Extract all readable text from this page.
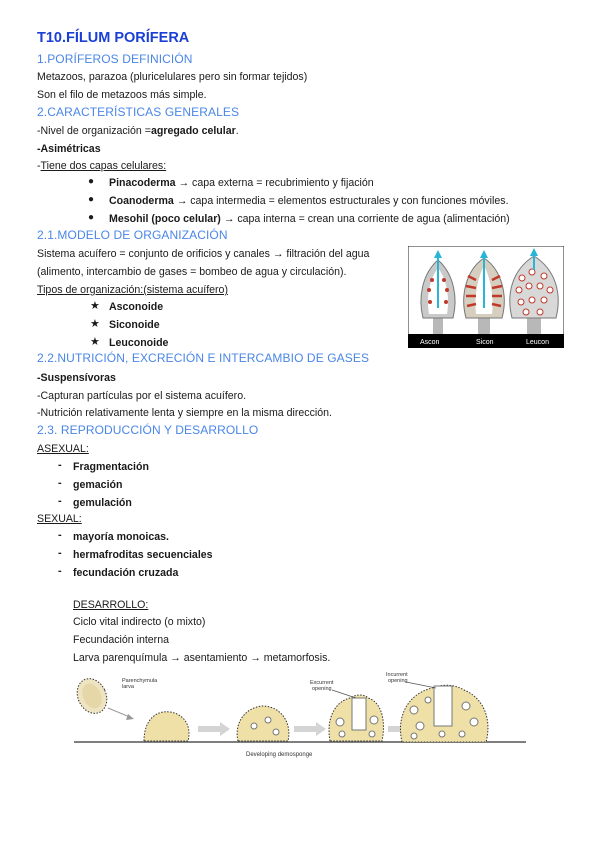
T10.FÍLUM PORÍFERA
1.PORÍFEROS DEFINICIÓN
Metazoos, parazoa (pluricelulares pero sin formar tejidos)
Son el filo de metazoos más simple.
2.CARACTERÍSTICAS GENERALES
-Nivel de organización =agregado celular.
-Asimétricas
-Tiene dos capas celulares:
● Pinacoderma → capa externa = recubrimiento y fijación
● Coanoderma → capa intermedia = elementos estructurales y con funciones móviles.
● Mesohil (poco celular) → capa interna = crean una corriente de agua (alimentación)
2.1.MODELO DE ORGANIZACIÓN
Sistema acuífero = conjunto de orificios y canales → filtración del agua
(alimento, intercambio de gases = bombeo de agua y circulación).
Tipos de organización:(sistema acuífero)
★ Asconoide
★ Siconoide
★ Leuconoide	Ascon	Sicon	Leucon
2.2.NUTRICIÓN, EXCRECIÓN E INTERCAMBIO DE GASES
-Suspensívoras
-Capturan partículas por el sistema acuífero.
-Nutrición relativamente lenta y siempre en la misma dirección.
2.3. REPRODUCCIÓN Y DESARROLLO
ASEXUAL:
- Fragmentación
- gemación
- gemulación
SEXUAL:
- mayoría monoicas.
- hermafroditas secuenciales
- fecundación cruzada
DESARROLLO:
Ciclo vital indirecto (o mixto)
Fecundación interna
Larva parenquímula → asentamiento → metamorfosis.
Parenchymula
larva
Excurrent
opening
Incurrent
opening
Developing demosponge
